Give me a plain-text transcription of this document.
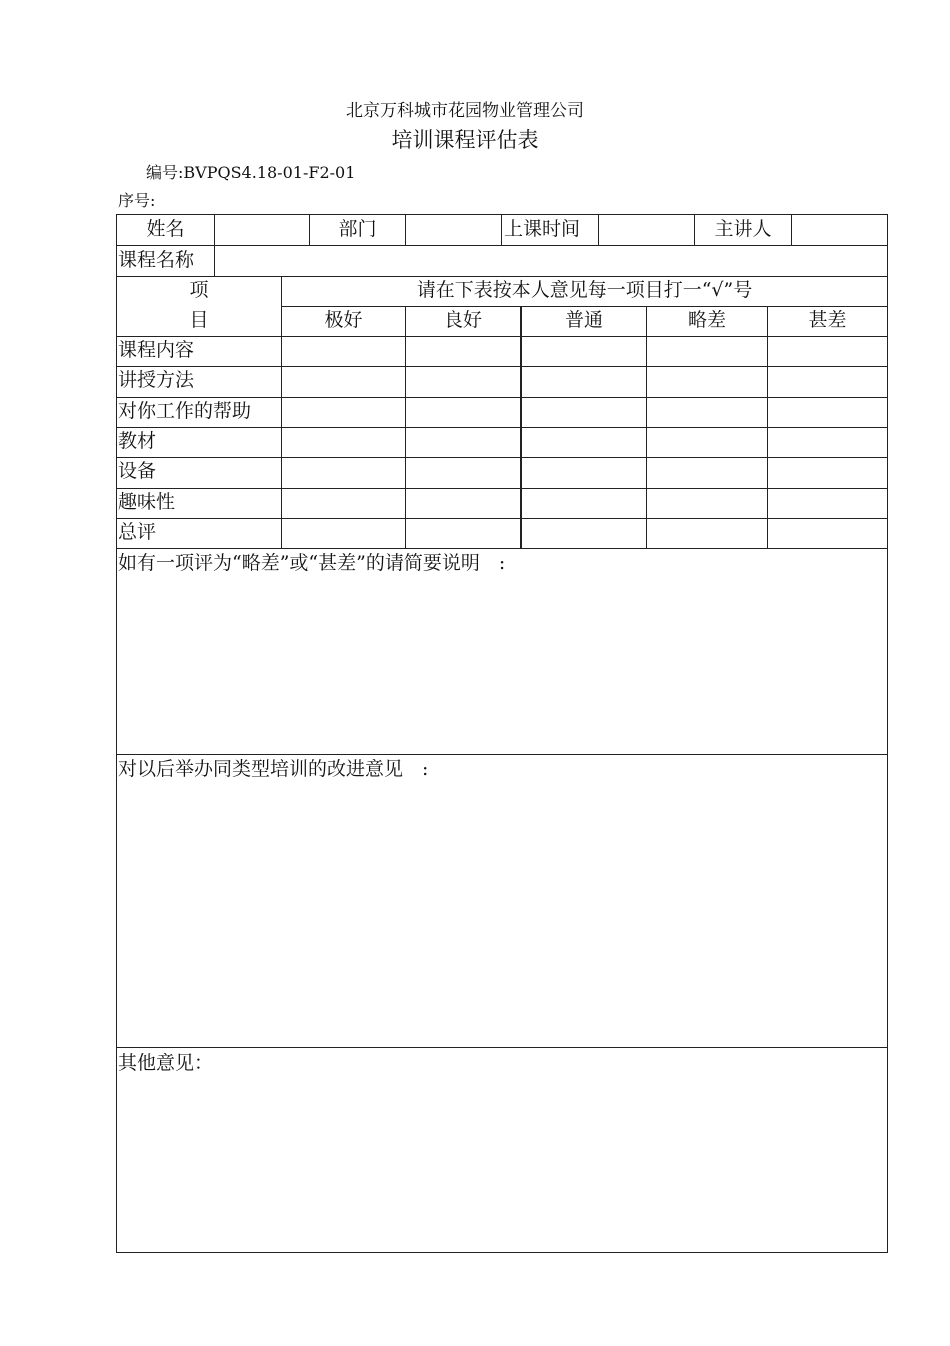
北京万科城市花园物业管理公司
培训课程评估表
编号:BVPQS4.18-01-F2-01
序号:
姓名	部门	上课时间	主讲人
课程名称
项
目
请在下表按本人意见每一项目打一“√”号
极好	良好	普通	略差	甚差
课程内容
讲授方法
对你工作的帮助
教材
设备
趣味性
总评
如有一项评为“略差”或“甚差”的请简要说明　:
对以后举办同类型培训的改进意见　:
其他意见：
